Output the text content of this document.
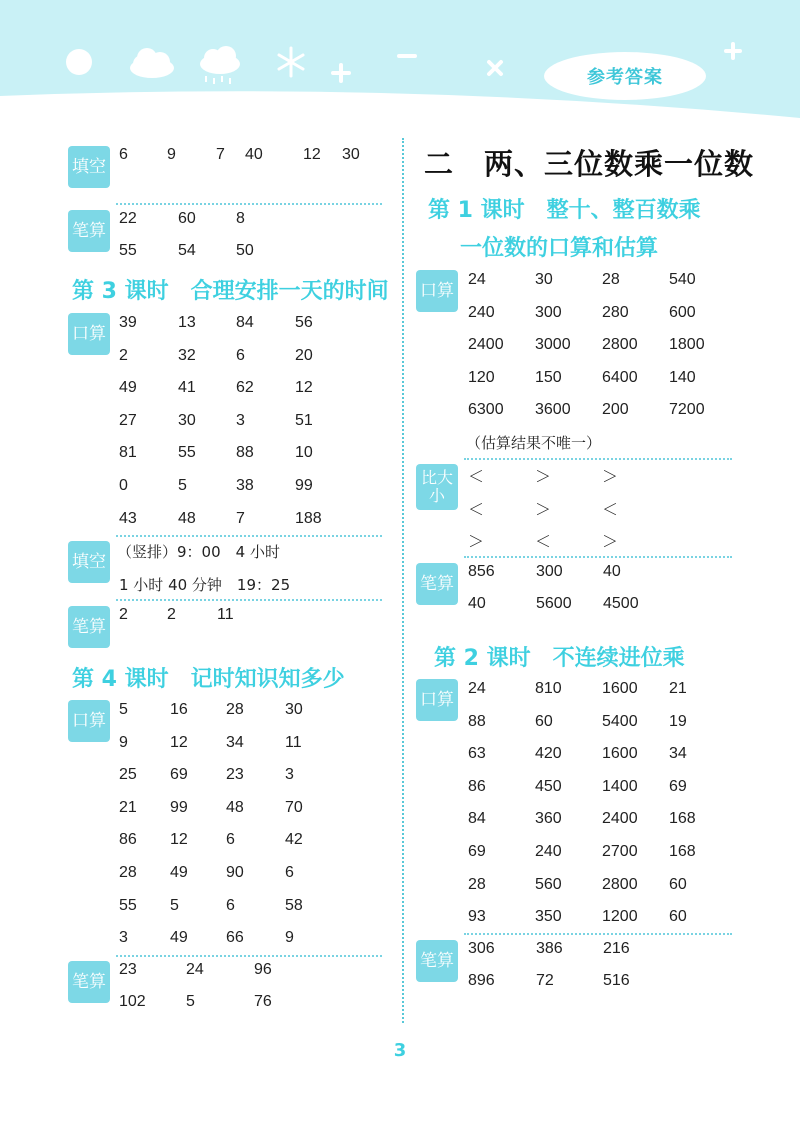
参考答案
填空
6 9	7 40	12 30
笔算
22	60	8
55	54	50
第 3 课时　合理安排一天的时间
口算
39	13	84	56
2	32	6	20
49	41	62	12
27	30	3	51
81	55	88	10
0	5	38	99
43	48	7	188
填空 （竖排）9：00　4 小时
1 小时 40 分钟　19：25
笔算
2 2	11
第 4 课时　记时知识知多少
口算
5	16 28	30
9	12 34	11
25 69 23	3
21 99 48	70
86 12 6	42
28 49 90	6
55 5	6	58
3	49 66	9
笔算
23	24	96
102	5	76
二　两、三位数乘一位数
第 1 课时　整十、整百数乘
一位数的口算和估算
口算
24	30	28	540
240	300	280	600
2400 3000 2800 1800
120	150	6400 140
6300 3600 200	7200
（估算结果不唯一）
比大小
＜	＞	＞
＜	＞	＜
＞	＜	＞
笔算
856	300	40
40	5600 4500
第 2 课时　不连续进位乘
口算
24	810	1600 21
88	60	5400 19
63	420	1600 34
86	450	1400 69
84	360	2400 168
69	240	2700 168
28	560	2800 60
93	350	1200 60
笔算
306	386	216
896	72	516
3
